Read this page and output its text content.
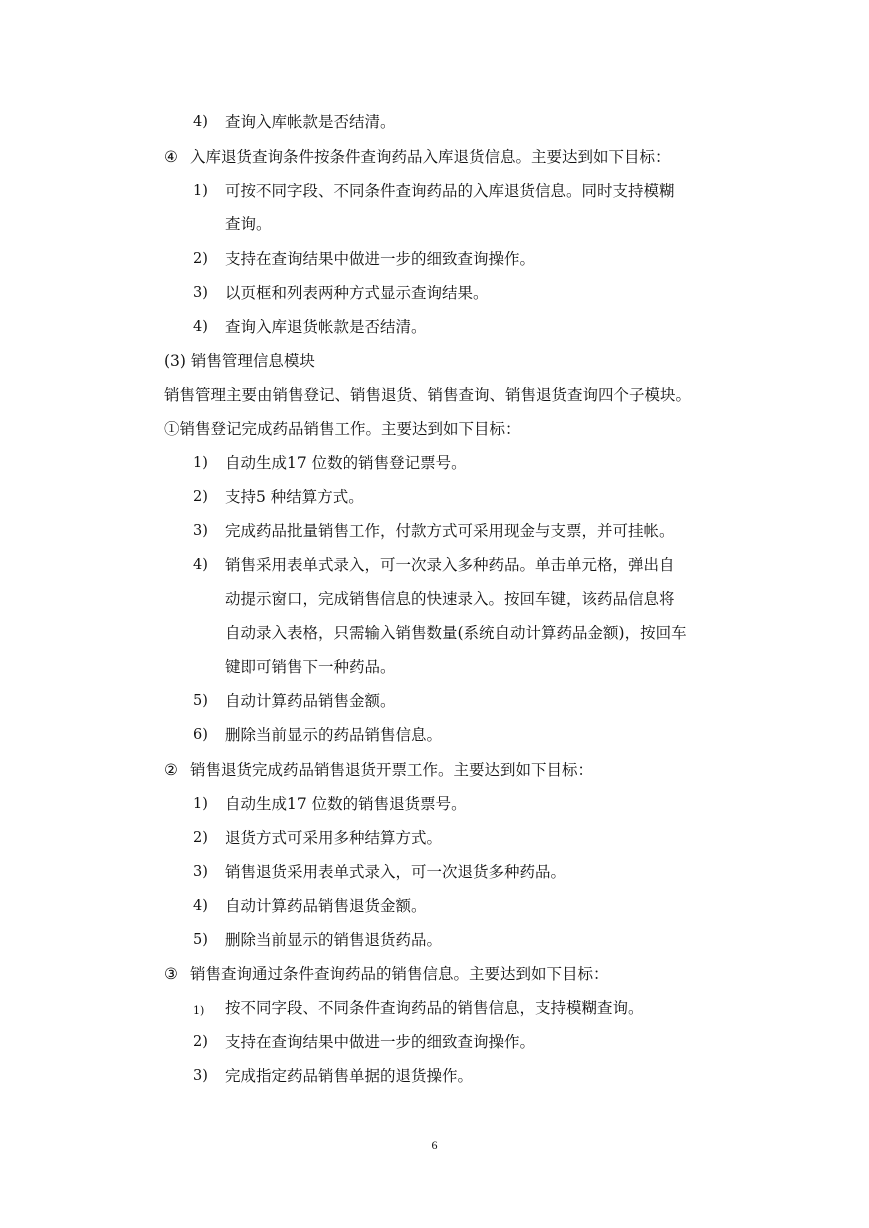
4) 查询入库帐款是否结清。
④ 入库退货查询条件按条件查询药品入库退货信息。主要达到如下目标：
1) 可按不同字段、不同条件查询药品的入库退货信息。同时支持模糊
查询。
2) 支持在查询结果中做进一步的细致查询操作。
3) 以页框和列表两种方式显示查询结果。
4) 查询入库退货帐款是否结清。
(3) 销售管理信息模块
销售管理主要由销售登记、销售退货、销售查询、销售退货查询四个子模块。
①销售登记完成药品销售工作。主要达到如下目标：
1) 自动生成17 位数的销售登记票号。
2) 支持5 种结算方式。
3) 完成药品批量销售工作，付款方式可采用现金与支票，并可挂帐。
4) 销售采用表单式录入，可一次录入多种药品。单击单元格，弹出自
动提示窗口，完成销售信息的快速录入。按回车键，该药品信息将
自动录入表格，只需输入销售数量(系统自动计算药品金额)，按回车
键即可销售下一种药品。
5) 自动计算药品销售金额。
6) 删除当前显示的药品销售信息。
② 销售退货完成药品销售退货开票工作。主要达到如下目标：
1) 自动生成17 位数的销售退货票号。
2) 退货方式可采用多种结算方式。
3) 销售退货采用表单式录入，可一次退货多种药品。
4) 自动计算药品销售退货金额。
5) 删除当前显示的销售退货药品。
③ 销售查询通过条件查询药品的销售信息。主要达到如下目标：
1) 按不同字段、不同条件查询药品的销售信息，支持模糊查询。
2) 支持在查询结果中做进一步的细致查询操作。
3) 完成指定药品销售单据的退货操作。
6
